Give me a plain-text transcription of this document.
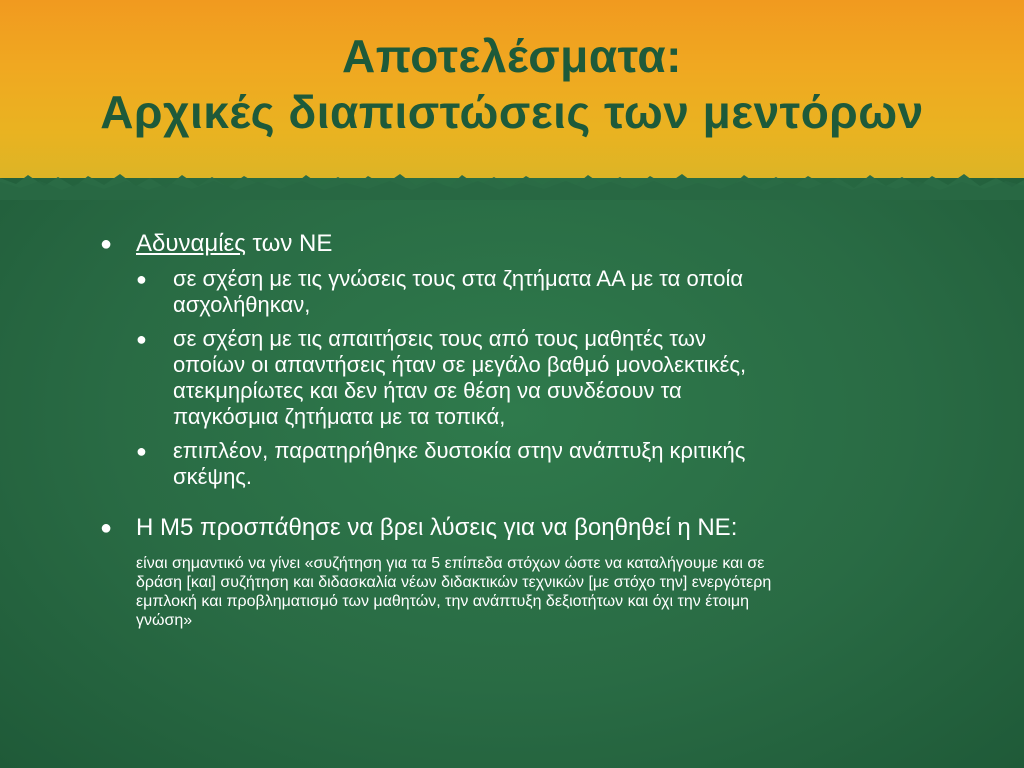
Αποτελέσματα:
Αρχικές διαπιστώσεις των μεντόρων
● Αδυναμίες των ΝΕ
● σε σχέση με τις γνώσεις τους στα ζητήματα ΑΑ με τα οποία
ασχολήθηκαν,
● σε σχέση με τις απαιτήσεις τους από τους μαθητές των
οποίων οι απαντήσεις ήταν σε μεγάλο βαθμό μονολεκτικές,
ατεκμηρίωτες και δεν ήταν σε θέση να συνδέσουν τα
παγκόσμια ζητήματα με τα τοπικά,
● επιπλέον, παρατηρήθηκε δυστοκία στην ανάπτυξη κριτικής
σκέψης.
● Η Μ5 προσπάθησε να βρει λύσεις για να βοηθηθεί η ΝΕ:
είναι σημαντικό να γίνει «συζήτηση για τα 5 επίπεδα στόχων ώστε να καταλήγουμε και σε
δράση [και] συζήτηση και διδασκαλία νέων διδακτικών τεχνικών [με στόχο την] ενεργότερη
εμπλοκή και προβληματισμό των μαθητών, την ανάπτυξη δεξιοτήτων και όχι την έτοιμη
γνώση»
